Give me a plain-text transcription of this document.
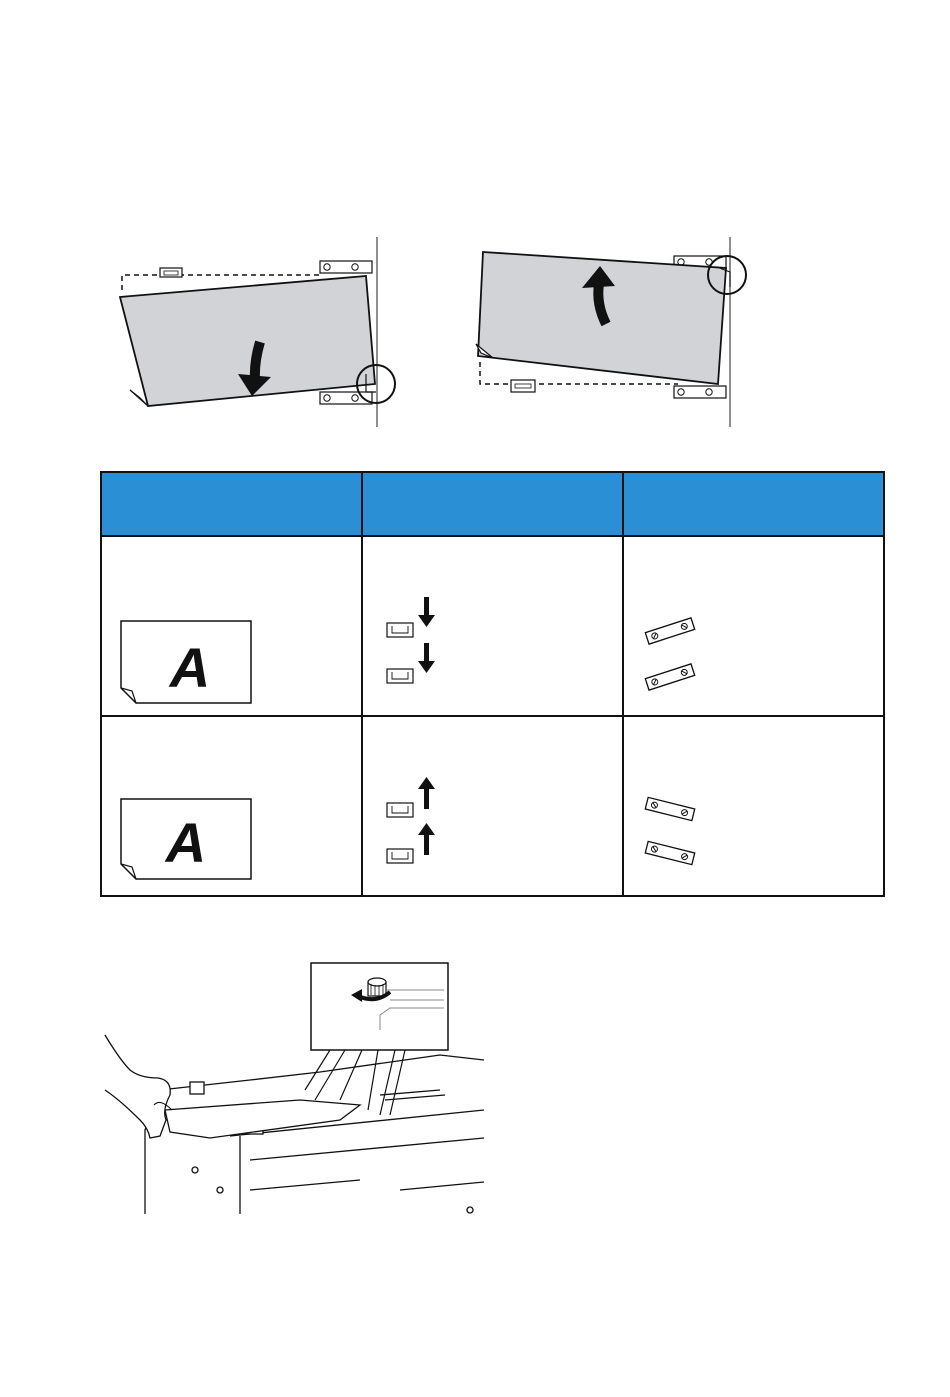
A

A
